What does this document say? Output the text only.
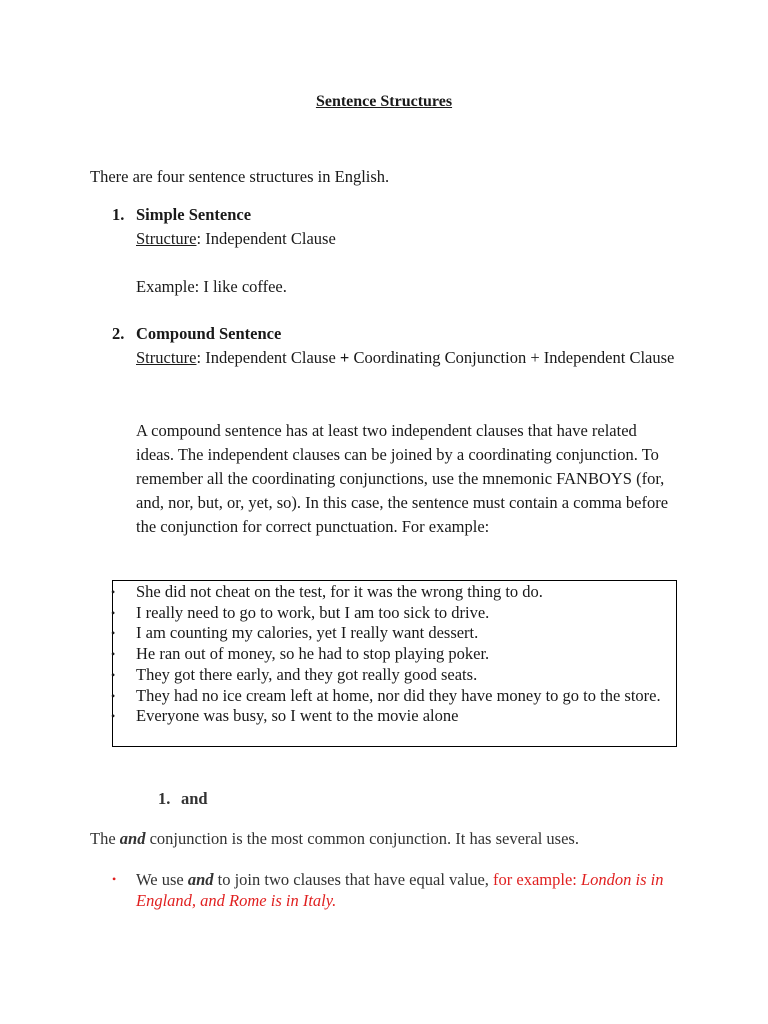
Sentence Structures
There are four sentence structures in English.
1. Simple Sentence
Structure: Independent Clause
Example: I like coffee.
2. Compound Sentence
Structure: Independent Clause + Coordinating Conjunction + Independent Clause
A compound sentence has at least two independent clauses that have related ideas. The independent clauses can be joined by a coordinating conjunction. To remember all the coordinating conjunctions, use the mnemonic FANBOYS (for, and, nor, but, or, yet, so). In this case, the sentence must contain a comma before the conjunction for correct punctuation. For example:
• She did not cheat on the test, for it was the wrong thing to do.
• I really need to go to work, but I am too sick to drive.
• I am counting my calories, yet I really want dessert.
• He ran out of money, so he had to stop playing poker.
• They got there early, and they got really good seats.
• They had no ice cream left at home, nor did they have money to go to the store.
• Everyone was busy, so I went to the movie alone
1. and
The and conjunction is the most common conjunction. It has several uses.
•	We use and to join two clauses that have equal value, for example: London is in England, and Rome is in Italy.
